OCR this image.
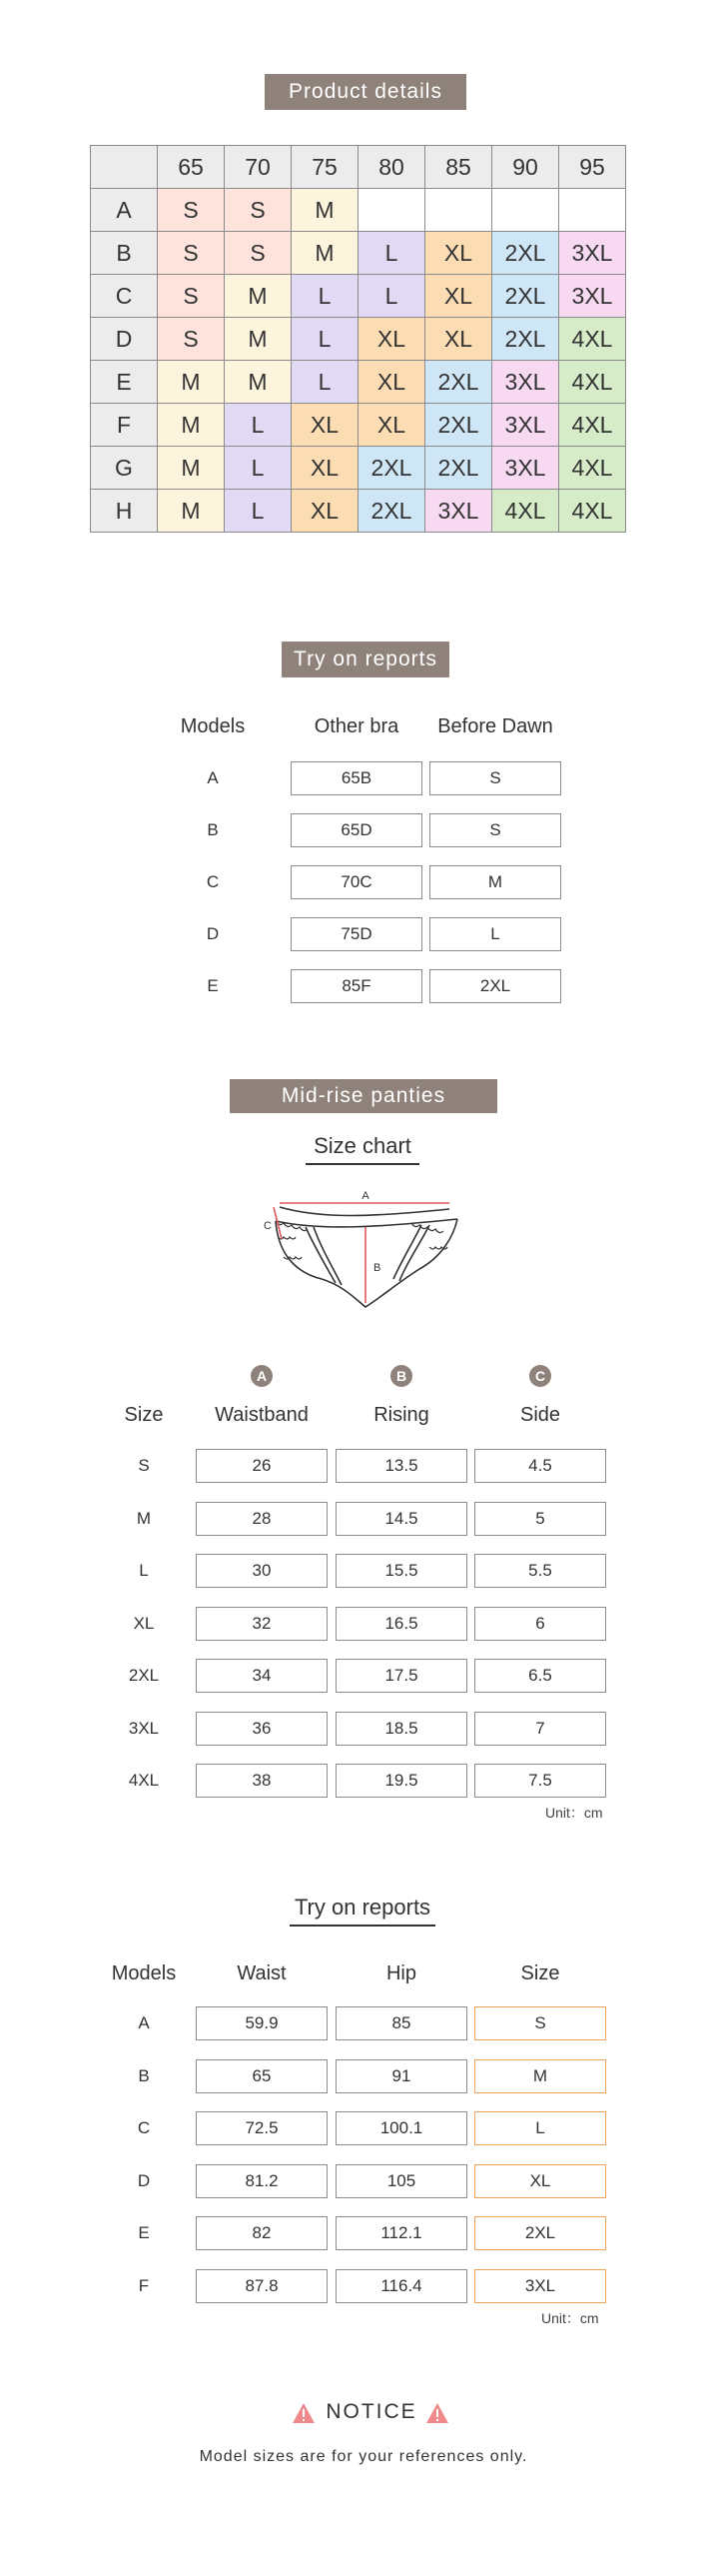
Product details
	65	70	75	80	85	90	95
A	S	S	M				
B	S	S	M	L	XL	2XL	3XL
C	S	M	L	L	XL	2XL	3XL
D	S	M	L	XL	XL	2XL	4XL
E	M	M	L	XL	2XL	3XL	4XL
F	M	L	XL	XL	2XL	3XL	4XL
G	M	L	XL	2XL	2XL	3XL	4XL
H	M	L	XL	2XL	3XL	4XL	4XL
Try on reports
Models	Other bra	Before Dawn
A	65B	S
B	65D	S
C	70C	M
D	75D	L
E	85F	2XL
Mid-rise panties
Size chart
A
B
C
A	B	C
Size	Waistband	Rising	Side
S	26	13.5	4.5
M	28	14.5	5
L	30	15.5	5.5
XL	32	16.5	6
2XL	34	17.5	6.5
3XL	36	18.5	7
4XL	38	19.5	7.5
Unit：cm
Try on reports
Models	Waist	Hip	Size
A	59.9	85	S
B	65	91	M
C	72.5	100.1	L
D	81.2	105	XL
E	82	112.1	2XL
F	87.8	116.4	3XL
Unit：cm
NOTICE
Model sizes are for your references only.
